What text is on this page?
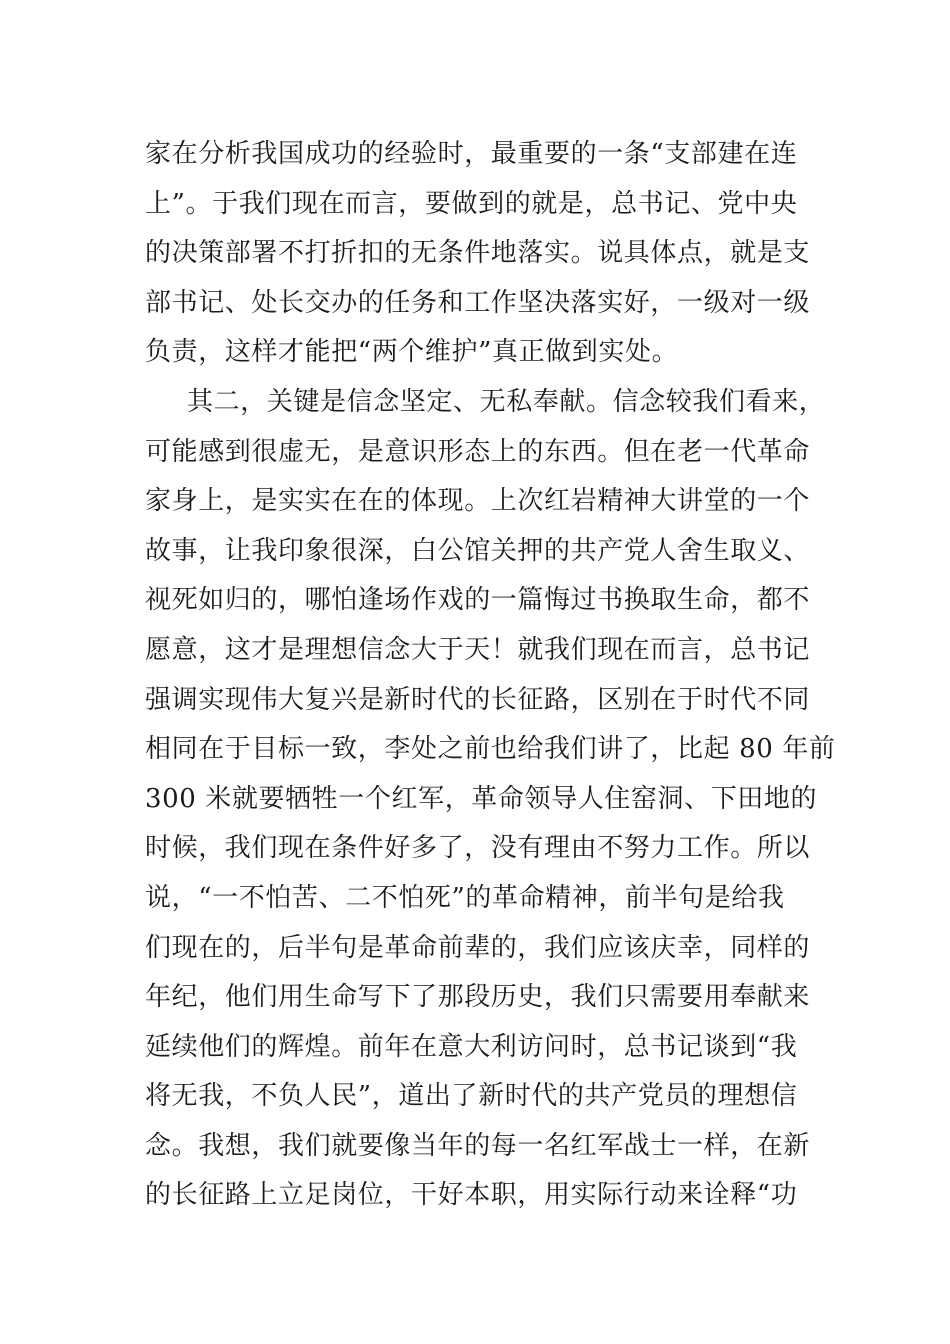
家在分析我国成功的经验时，最重要的一条“支部建在连
上”。于我们现在而言，要做到的就是，总书记、党中央
的决策部署不打折扣的无条件地落实。说具体点，就是支
部书记、处长交办的任务和工作坚决落实好，一级对一级
负责，这样才能把“两个维护”真正做到实处。
其二，关键是信念坚定、无私奉献。信念较我们看来，
可能感到很虚无，是意识形态上的东西。但在老一代革命
家身上，是实实在在的体现。上次红岩精神大讲堂的一个
故事，让我印象很深，白公馆关押的共产党人舍生取义、
视死如归的，哪怕逢场作戏的一篇悔过书换取生命，都不
愿意，这才是理想信念大于天！就我们现在而言，总书记
强调实现伟大复兴是新时代的长征路，区别在于时代不同
相同在于目标一致，李处之前也给我们讲了，比起 80 年前
300 米就要牺牲一个红军，革命领导人住窑洞、下田地的
时候，我们现在条件好多了，没有理由不努力工作。所以
说，“一不怕苦、二不怕死”的革命精神，前半句是给我
们现在的，后半句是革命前辈的，我们应该庆幸，同样的
年纪，他们用生命写下了那段历史，我们只需要用奉献来
延续他们的辉煌。前年在意大利访问时，总书记谈到“我
将无我，不负人民”，道出了新时代的共产党员的理想信
念。我想，我们就要像当年的每一名红军战士一样，在新
的长征路上立足岗位，干好本职，用实际行动来诠释“功
